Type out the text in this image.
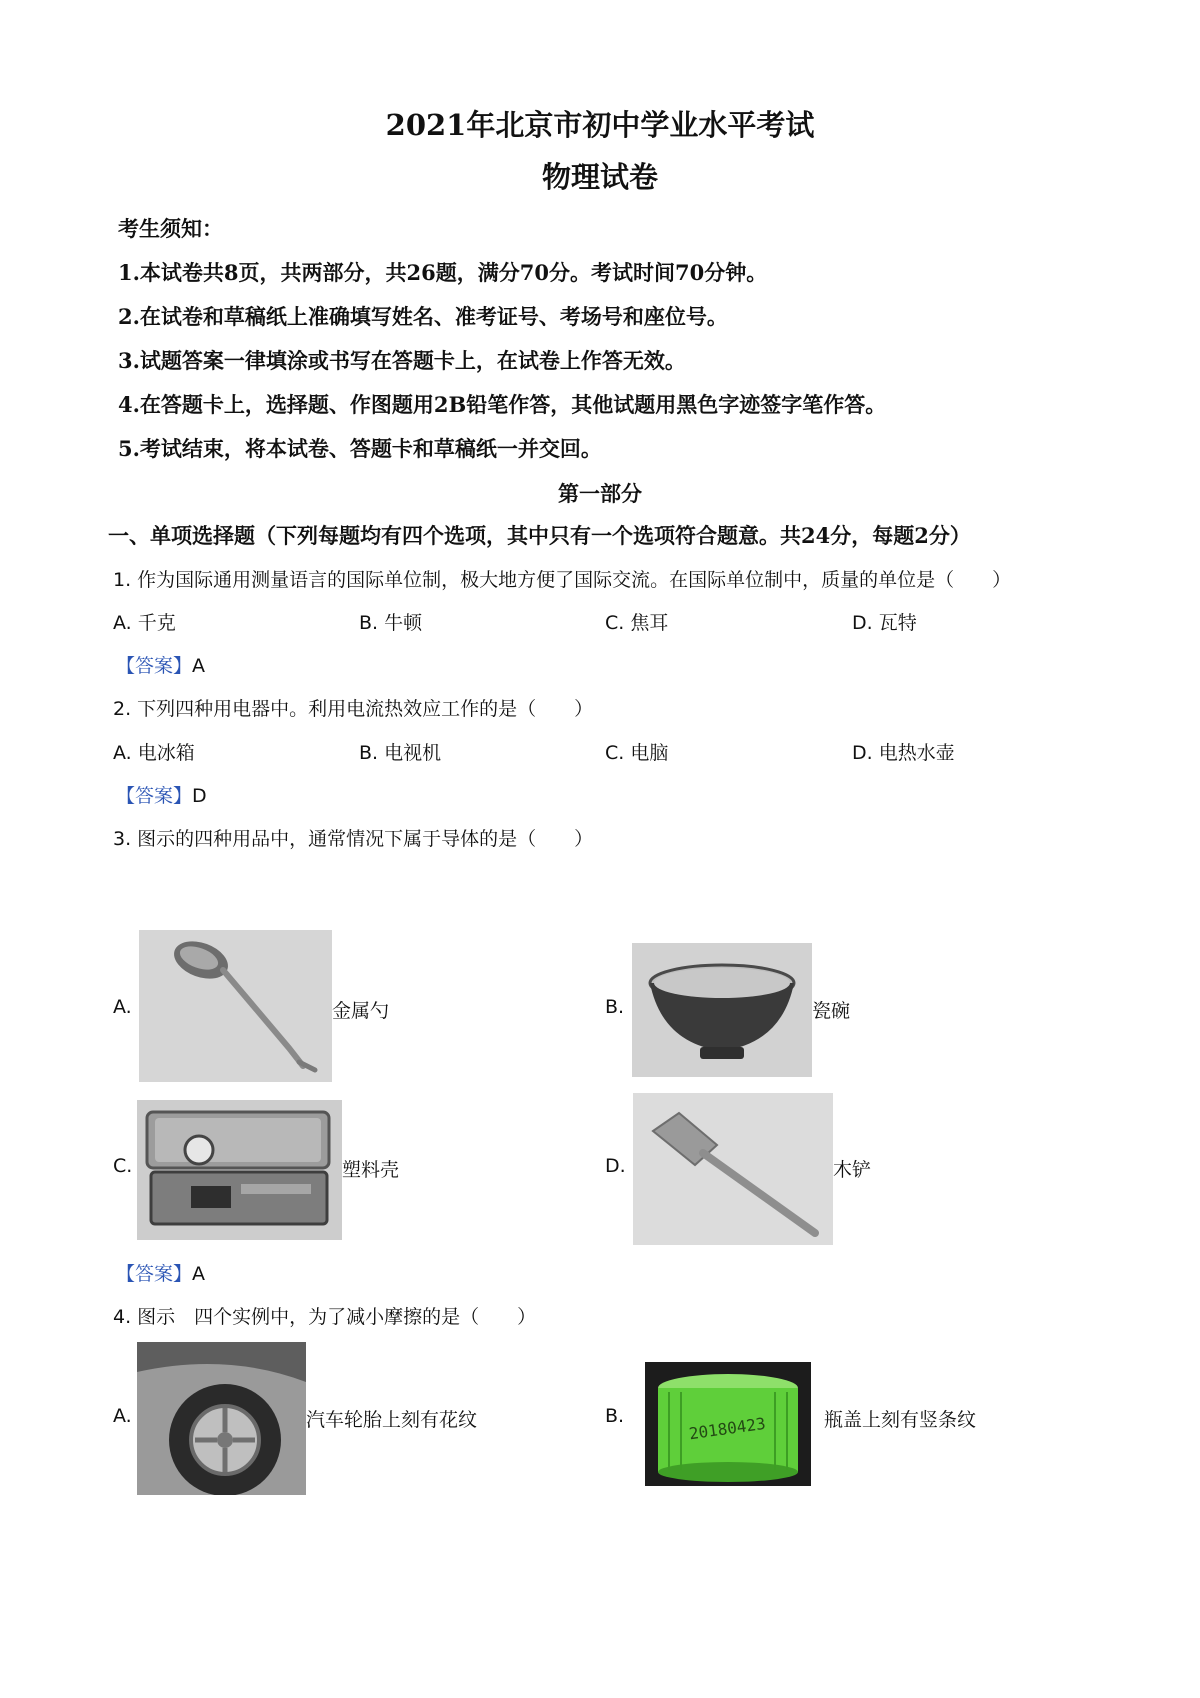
2021年北京市初中学业水平考试
物理试卷
考生须知：
1.本试卷共8页，共两部分，共26题，满分70分。考试时间70分钟。
2.在试卷和草稿纸上准确填写姓名、准考证号、考场号和座位号。
3.试题答案一律填涂或书写在答题卡上，在试卷上作答无效。
4.在答题卡上，选择题、作图题用2B铅笔作答，其他试题用黑色字迹签字笔作答。
5.考试结束，将本试卷、答题卡和草稿纸一并交回。
第一部分
一、单项选择题（下列每题均有四个选项，其中只有一个选项符合题意。共24分，每题2分）
1. 作为国际通用测量语言的国际单位制，极大地方便了国际交流。在国际单位制中，质量的单位是（　　）
A. 千克	B. 牛顿	C. 焦耳	D. 瓦特
【答案】A
2. 下列四种用电器中。利用电流热效应工作的是（　　）
A. 电冰箱	B. 电视机	C. 电脑	D. 电热水壶
【答案】D
3. 图示的四种用品中，通常情况下属于导体的是（　　）
A.	金属勺	B.	瓷碗
C.	塑料壳	D.	木铲
【答案】A
4. 图示　四个实例中，为了减小摩擦的是（　　）
A.	汽车轮胎上刻有花纹	B.	20180423	瓶盖上刻有竖条纹
